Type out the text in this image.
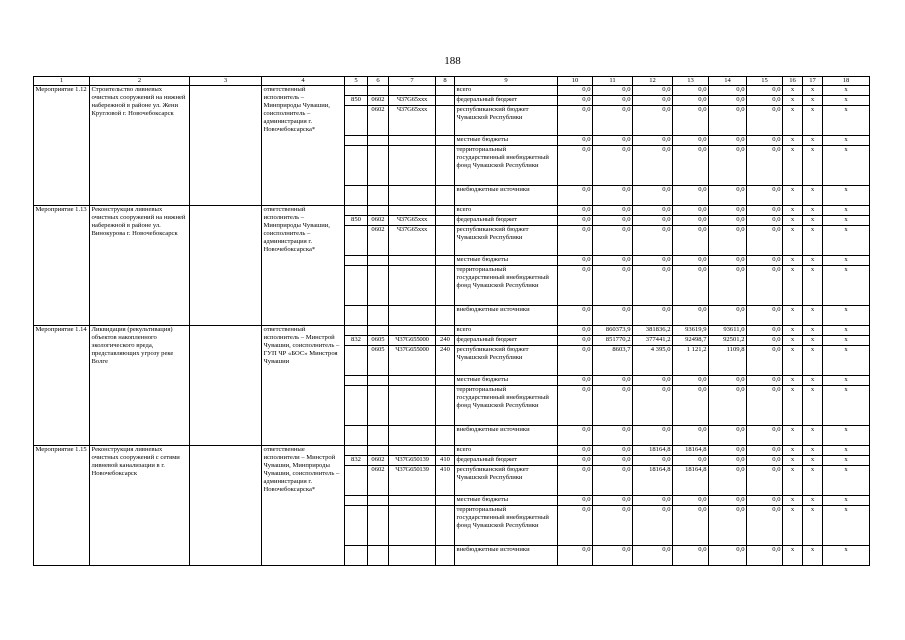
188
1	2	3	4	5	6	7	8	9	10	11	12	13	14	15	16	17	18
Мероприятие 1.12	Строительство ливневых очистных сооружений на нижней набережной в районе ул. Жени Кругловой г. Новочебоксарск		ответственный исполнитель – Минприроды Чувашии, соисполнитель – администрация г. Новочебоксарска*					всего	0,0	0,0	0,0	0,0	0,0	0,0	x	x	x
				850	0602	Ч37G65ххх		федеральный бюджет	0,0	0,0	0,0	0,0	0,0	0,0	x	x	x
					0602	Ч37G65ххх		республиканский бюджет Чувашской Республики	0,0	0,0	0,0	0,0	0,0	0,0	x	x	x
								местные бюджеты	0,0	0,0	0,0	0,0	0,0	0,0	x	x	x
								территориальный государственный внебюджетный фонд Чувашской Республики	0,0	0,0	0,0	0,0	0,0	0,0	x	x	x
								внебюджетные источники	0,0	0,0	0,0	0,0	0,0	0,0	x	x	x
Мероприятие 1.13	Реконструкция ливневых очистных сооружений на нижней набережной в районе ул. Винокурова г. Новочебоксарск		ответственный исполнитель – Минприроды Чувашии, соисполнитель – администрация г. Новочебоксарска*					всего	0,0	0,0	0,0	0,0	0,0	0,0	x	x	x
				850	0602	Ч37G65ххх		федеральный бюджет	0,0	0,0	0,0	0,0	0,0	0,0	x	x	x
					0602	Ч37G65ххх		республиканский бюджет Чувашской Республики	0,0	0,0	0,0	0,0	0,0	0,0	x	x	x
								местные бюджеты	0,0	0,0	0,0	0,0	0,0	0,0	x	x	x
								территориальный государственный внебюджетный фонд Чувашской Республики	0,0	0,0	0,0	0,0	0,0	0,0	x	x	x
								внебюджетные источники	0,0	0,0	0,0	0,0	0,0	0,0	x	x	x
Мероприятие 1.14	Ликвидация (рекультивация) объектов накопленного экологического вреда, представляющих угрозу реке Волге		ответственный исполнитель – Минстрой Чувашии, соисполнитель – ГУП ЧР «БОС» Минстроя Чувашии					всего	0,0	860373,9	381836,2	93619,9	93611,0	0,0	x	x	x
				832	0605	Ч37G655000	240	федеральный бюджет	0,0	851770,2	377441,2	92498,7	92501,2	0,0	x	x	x
					0605	Ч37G655000	240	республиканский бюджет Чувашской Республики	0,0	8603,7	4 395,0	1 121,2	1109,8	0,0	x	x	x
								местные бюджеты	0,0	0,0	0,0	0,0	0,0	0,0	x	x	x
								территориальный государственный внебюджетный фонд Чувашской Республики	0,0	0,0	0,0	0,0	0,0	0,0	x	x	x
								внебюджетные источники	0,0	0,0	0,0	0,0	0,0	0,0	x	x	x
Мероприятие 1.15	Реконструкция ливневых очистных сооружений с сетями ливневой канализации в г. Новочебоксарск		ответственные исполнители – Минстрой Чувашии, Минприроды Чувашии, соисполнитель – администрация г. Новочебоксарска*					всего	0,0	0,0	18164,8	18164,8	0,0	0,0	x	x	x
				832	0602	Ч37G650139	410	федеральный бюджет	0,0	0,0	0,0	0,0	0,0	0,0	x	x	x
					0602	Ч37G650139	410	республиканский бюджет Чувашской Республики	0,0	0,0	18164,8	18164,8	0,0	0,0	x	x	x
								местные бюджеты	0,0	0,0	0,0	0,0	0,0	0,0	x	x	x
								территориальный государственный внебюджетный фонд Чувашской Республики	0,0	0,0	0,0	0,0	0,0	0,0	x	x	x
								внебюджетные источники	0,0	0,0	0,0	0,0	0,0	0,0	x	x	x
